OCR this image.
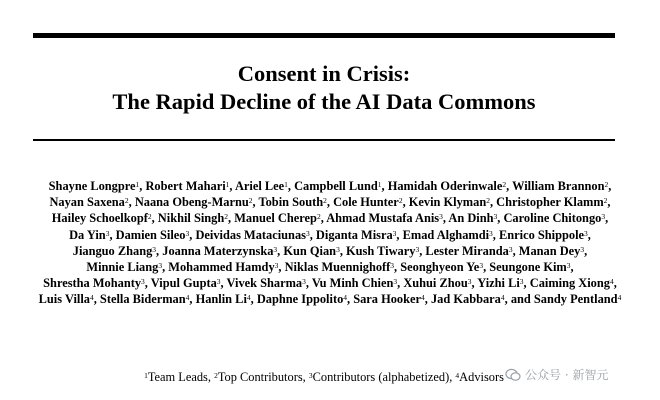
Consent in Crisis:
The Rapid Decline of the AI Data Commons
Shayne Longpre$^1$, Robert Mahari$^1$, Ariel Lee$^1$, Campbell Lund$^1$, Hamidah Oderinwale$^2$, William Brannon$^2$, Nayan Saxena$^2$, Naana Obeng-Marnu$^2$, Tobin South$^2$, Cole Hunter$^2$, Kevin Klyman$^2$, Christopher Klamm$^2$, Hailey Schoelkopf$^2$, Nikhil Singh$^2$, Manuel Cherep$^2$, Ahmad Mustafa Anis$^3$, An Dinh$^3$, Caroline Chitongo$^3$, Da Yin$^3$, Damien Sileo$^3$, Deividas Mataciunas$^3$, Diganta Misra$^3$, Emad Alghamdi$^3$, Enrico Shippole$^3$, Jianguo Zhang$^3$, Joanna Materzynska$^3$, Kun Qian$^3$, Kush Tiwary$^3$, Lester Miranda$^3$, Manan Dey$^3$, Minnie Liang$^3$, Mohammed Hamdy$^3$, Niklas Muennighoff$^3$, Seonghyeon Ye$^3$, Seungone Kim$^3$, Shrestha Mohanty$^3$, Vipul Gupta$^3$, Vivek Sharma$^3$, Vu Minh Chien$^3$, Xuhui Zhou$^3$, Yizhi Li$^3$, Caiming Xiong$^4$, Luis Villa$^4$, Stella Biderman$^4$, Hanlin Li$^4$, Daphne Ippolito$^4$, Sara Hooker$^4$, Jad Kabbara$^4$, and Sandy Pentland$^4$
$^1$Team Leads, $^2$Top Contributors, $^3$Contributors (alphabetized), $^4$Advisors	公众号 · 新智元
